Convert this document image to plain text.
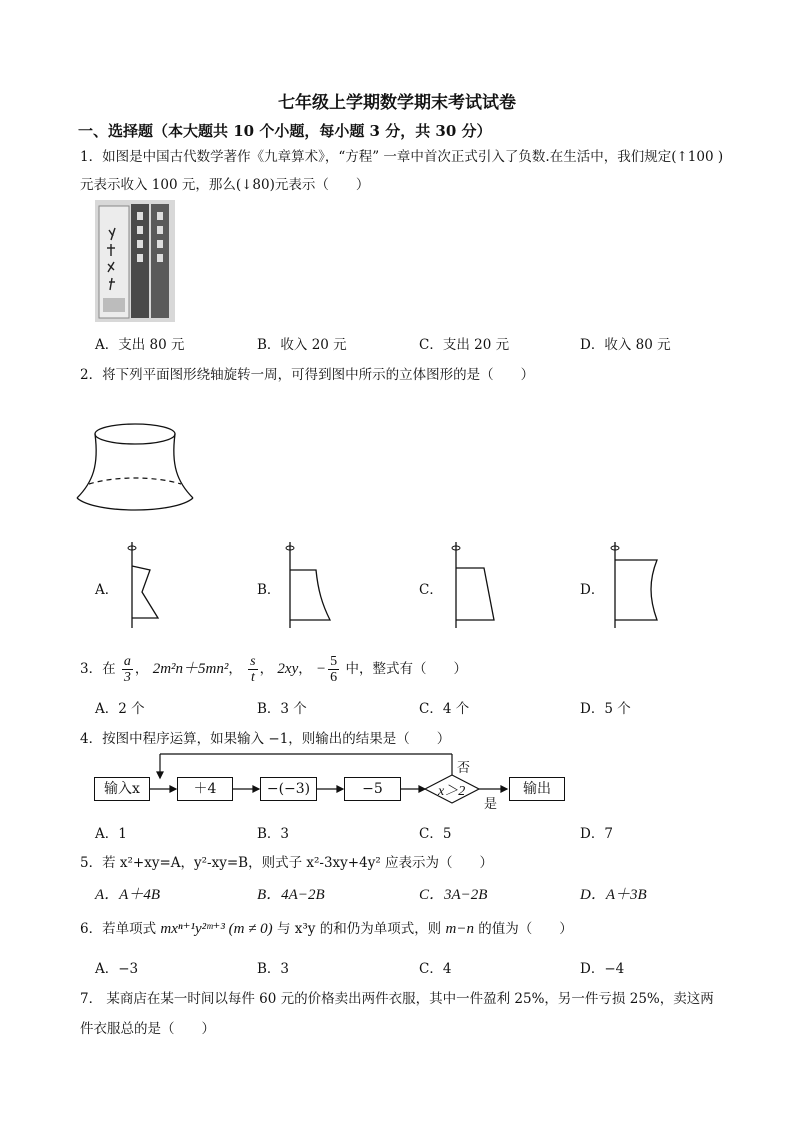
七年级上学期数学期末考试试卷
一、选择题（本大题共 10 个小题，每小题 3 分，共 30 分）
1．如图是中国古代数学著作《九章算术》，“方程” 一章中首次正式引入了负数.在生活中，我们规定(↑100 )
元表示收入 100 元，那么(↓80)元表示（　　）
A．支出 80 元	B．收入 20 元	C．支出 20 元	D．收入 80 元
2．将下列平面图形绕轴旋转一周，可得到图中所示的立体图形的是（　　）
A．	B．	C．	D．
3．在 $\frac{a}{3}$ ， 2m²n＋5mn²， $\frac{s}{t}$ ， 2xy， − $\frac{5}{6}$ 中，整式有（　　）
A．2 个	B．3 个	C．4 个	D．5 个
4．按图中程序运算，如果输入 −1，则输出的结果是（　　）
输入x	＋4	−(−3)	−5	x＞2
否
是
输出
A．1	B．3	C．5	D．7
5．若 x²+xy=A，y²-xy=B，则式子 x²-3xy+4y² 应表示为（　　）
A．A＋4B	B．4A−2B	C．3A−2B	D．A＋3B
6．若单项式 mxⁿ⁺¹y²ᵐ⁺³ (m ≠ 0) 与 x³y 的和仍为单项式，则 m−n 的值为（　　）
A．−3	B．3	C．4	D．−4
7． 某商店在某一时间以每件 60 元的价格卖出两件衣服，其中一件盈利 25%，另一件亏损 25%，卖这两
件衣服总的是（　　）
